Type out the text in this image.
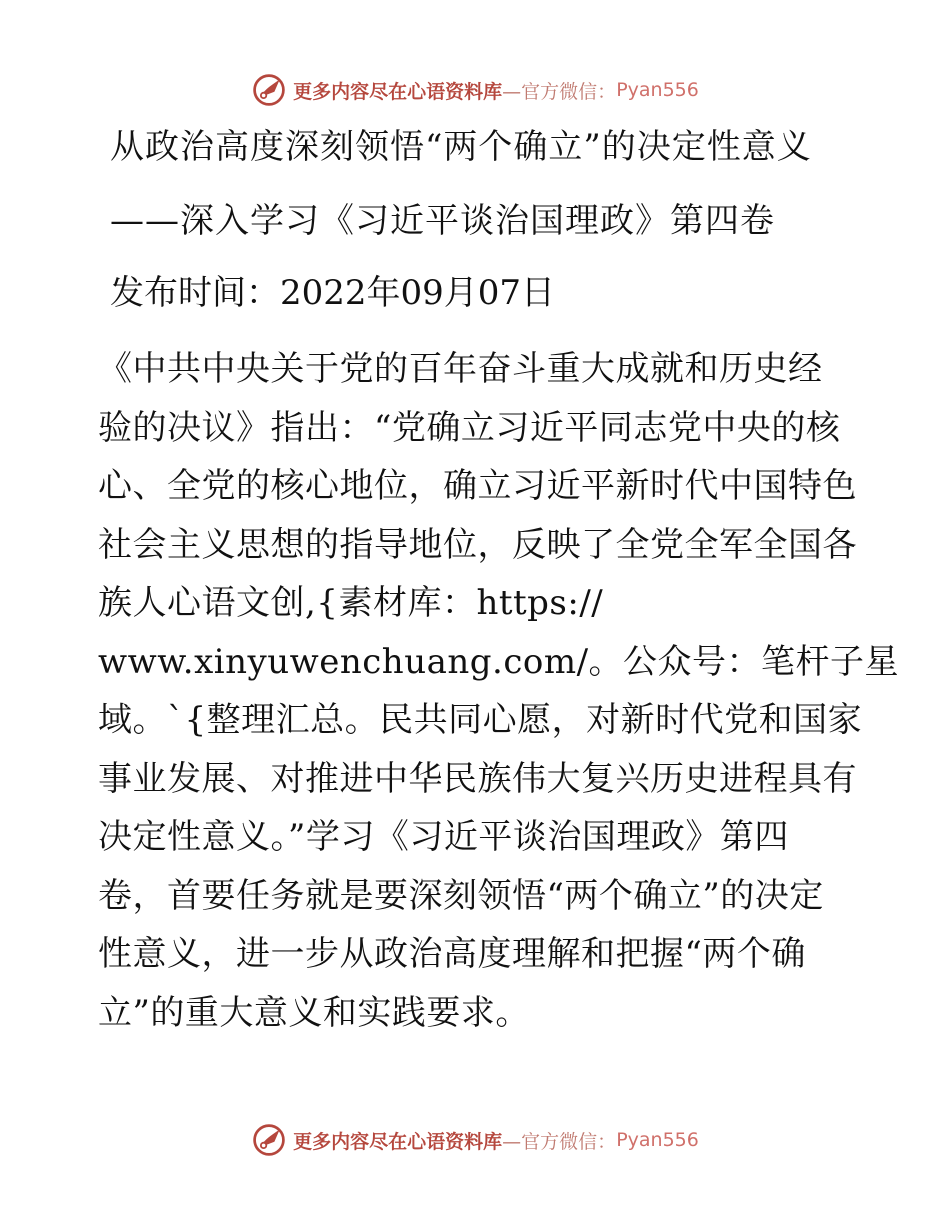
更多内容尽在心语资料库 —官方微信： Pyan556
从政治高度深刻领悟“两个确立”的决定性意义
——深入学习《习近平谈治国理政》第四卷
发布时间：2022年09月07日
《中共中央关于党的百年奋斗重大成就和历史经
验的决议》指出：“党确立习近平同志党中央的核
心、全党的核心地位，确立习近平新时代中国特色
社会主义思想的指导地位，反映了全党全军全国各
族人心语文创,{素材库：https://
www.xinyuwenchuang.com/。公众号：笔杆子星
域。`{整理汇总。民共同心愿，对新时代党和国家
事业发展、对推进中华民族伟大复兴历史进程具有
决定性意义。”学习《习近平谈治国理政》第四
卷，首要任务就是要深刻领悟“两个确立”的决定
性意义，进一步从政治高度理解和把握“两个确
立”的重大意义和实践要求。
更多内容尽在心语资料库 —官方微信： Pyan556
